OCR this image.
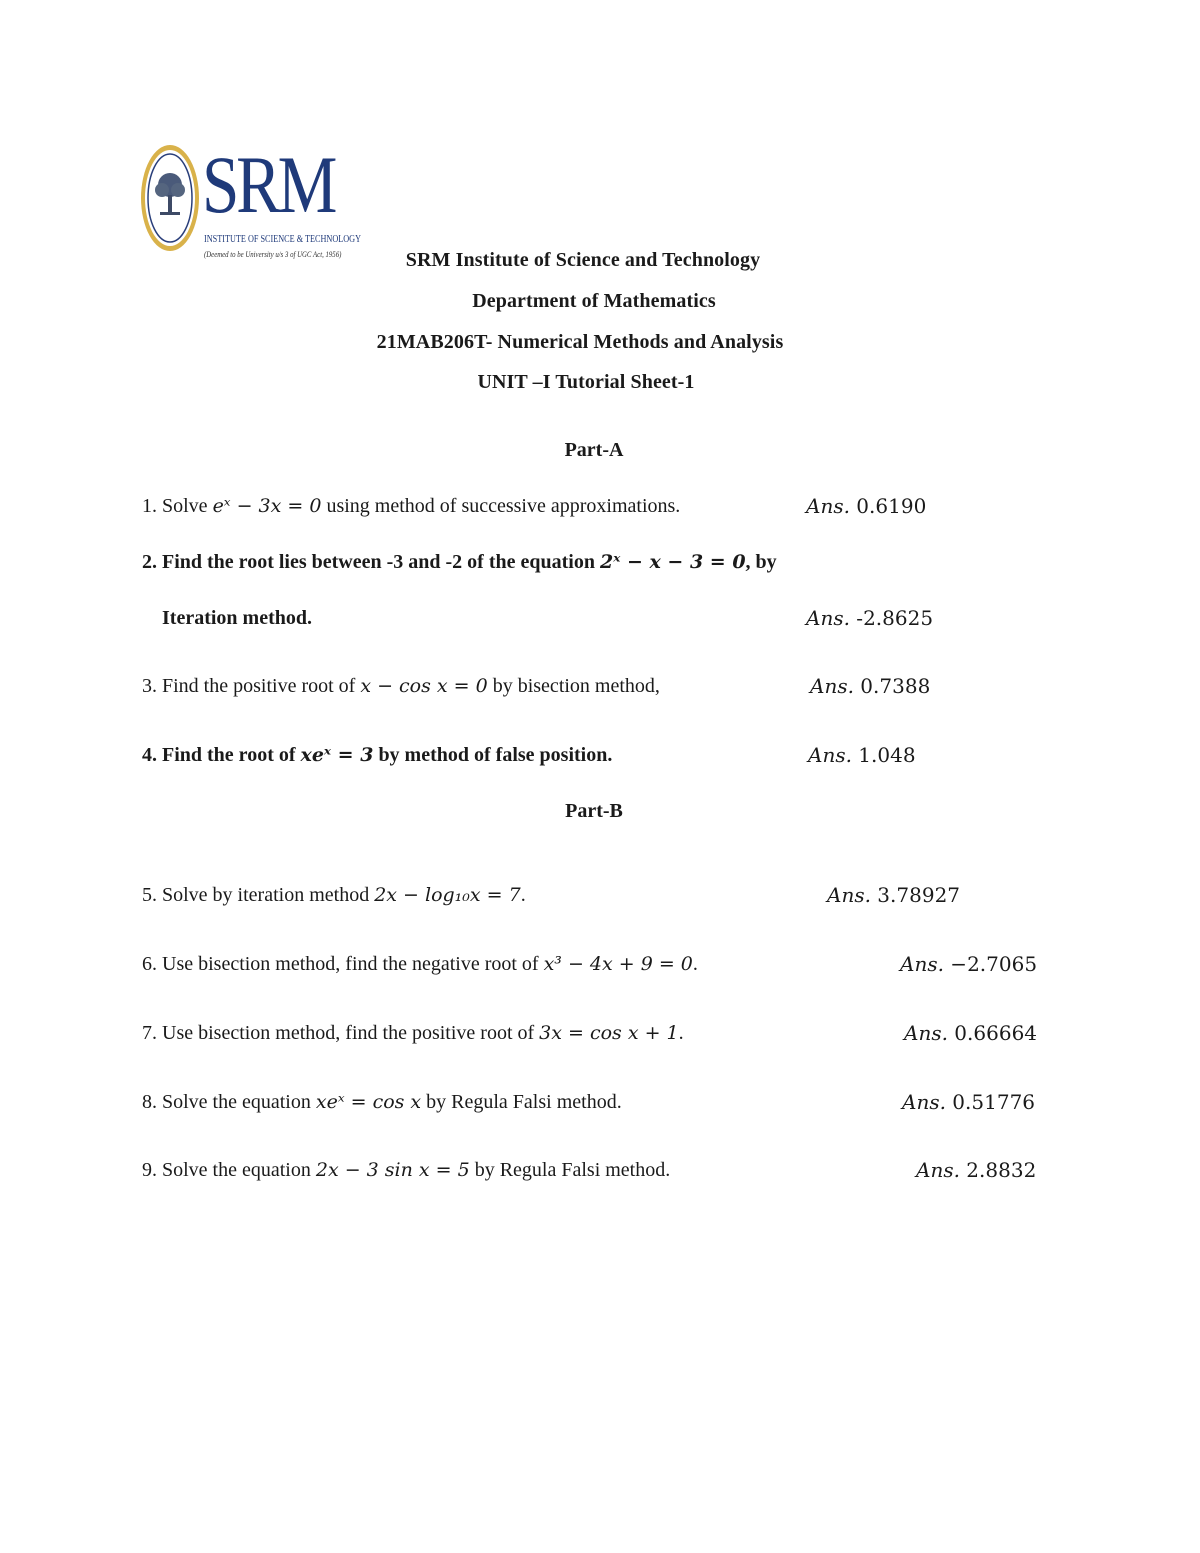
SRM
INSTITUTE OF SCIENCE & TECHNOLOGY
(Deemed to be University u/s 3 of UGC Act, 1956)	SRM Institute of Science and Technology
Department of Mathematics
21MAB206T- Numerical Methods and Analysis
UNIT –I Tutorial Sheet-1
Part-A
1. Solve eˣ − 3x = 0 using method of successive approximations.	Ans. 0.6190
2. Find the root lies between -3 and -2 of the equation 2ˣ − x − 3 = 0, by
Iteration method.	Ans. -2.8625
3. Find the positive root of x − cos x = 0 by bisection method,	Ans. 0.7388
4. Find the root of xeˣ = 3 by method of false position.	Ans. 1.048
Part-B
5. Solve by iteration method 2x − log₁₀x = 7.	Ans. 3.78927
6. Use bisection method, find the negative root of x³ − 4x + 9 = 0.	Ans. −2.7065
7. Use bisection method, find the positive root of 3x = cos x + 1.	Ans. 0.66664
8. Solve the equation xeˣ = cos x by Regula Falsi method.	Ans. 0.51776
9. Solve the equation 2x − 3 sin x = 5 by Regula Falsi method.	Ans. 2.8832
